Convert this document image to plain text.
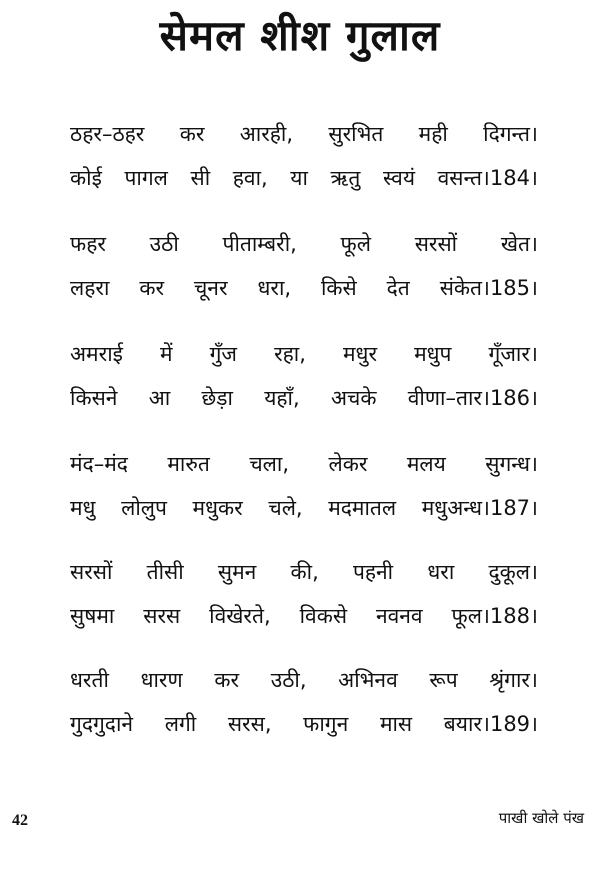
सेमल शीश गुलाल
ठहर–ठहर कर आरही, सुरभित मही दिगन्त।
कोई पागल सी हवा, या ऋतु स्वयं वसन्त।184।
फहर उठी पीताम्बरी, फूले सरसों खेत।
लहरा कर चूनर धरा, किसे देत संकेत।185।
अमराई में गुँज रहा, मधुर मधुप गूँजार।
किसने आ छेड़ा यहाँ, अचके वीणा–तार।186।
मंद–मंद मारुत चला, लेकर मलय सुगन्ध।
मधु लोलुप मधुकर चले, मदमातल मधुअन्ध।187।
सरसों तीसी सुमन की, पहनी धरा दुकूल।
सुषमा सरस विखेरते, विकसे नवनव फूल।188।
धरती धारण कर उठी, अभिनव रूप श्रृंगार।
गुदगुदाने लगी सरस, फागुन मास बयार।189।
42	पाखी खोले पंख
